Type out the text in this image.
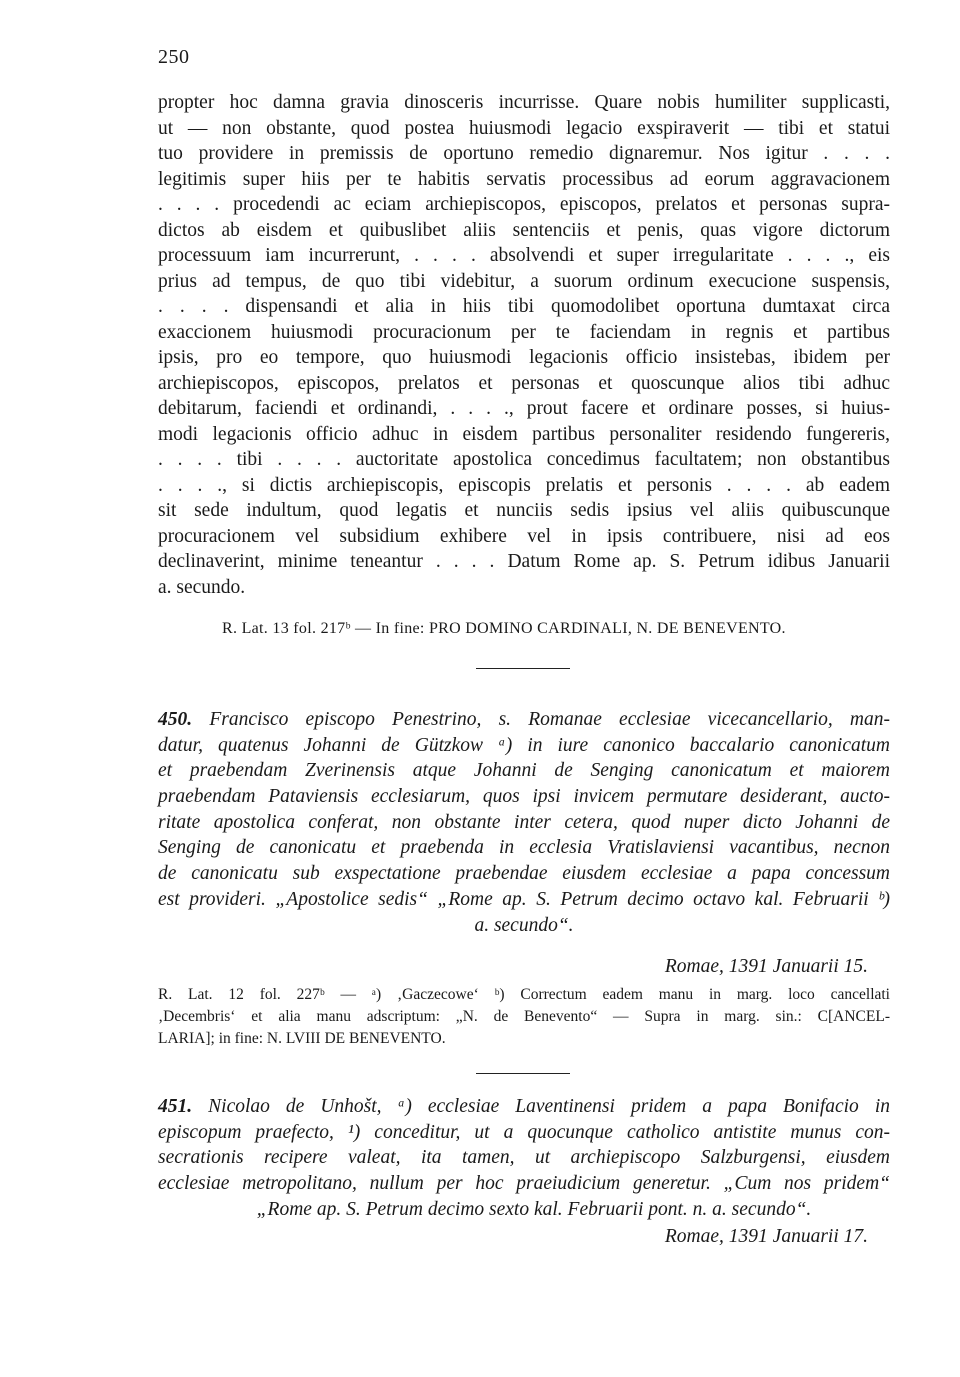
250
propter hoc damna gravia dinosceris incurrisse. Quare nobis humiliter supplicasti,
ut — non obstante, quod postea huiusmodi legacio exspiraverit — tibi et statui
tuo providere in premissis de oportuno remedio dignaremur. Nos igitur . . . .
legitimis super hiis per te habitis servatis processibus ad eorum aggravacionem
. . . . procedendi ac eciam archiepiscopos, episcopos, prelatos et personas supra-
dictos ab eisdem et quibuslibet aliis sentenciis et penis, quas vigore dictorum
processuum iam incurrerunt, . . . . absolvendi et super irregularitate . . . ., eis
prius ad tempus, de quo tibi videbitur, a suorum ordinum execucione suspensis,
. . . . dispensandi et alia in hiis tibi quomodolibet oportuna dumtaxat circa
exaccionem huiusmodi procuracionum per te faciendam in regnis et partibus
ipsis, pro eo tempore, quo huiusmodi legacionis officio insistebas, ibidem per
archiepiscopos, episcopos, prelatos et personas et quoscunque alios tibi adhuc
debitarum, faciendi et ordinandi, . . . ., prout facere et ordinare posses, si huius-
modi legacionis officio adhuc in eisdem partibus personaliter residendo fungereris,
. . . . tibi . . . . auctoritate apostolica concedimus facultatem; non obstantibus
. . . ., si dictis archiepiscopis, episcopis prelatis et personis . . . . ab eadem
sit sede indultum, quod legatis et nunciis sedis ipsius vel aliis quibuscunque
procuracionem vel subsidium exhibere vel in ipsis contribuere, nisi ad eos
declinaverint, minime teneantur . . . . Datum Rome ap. S. Petrum idibus Januarii
a. secundo.
R. Lat. 13 fol. 217ᵇ — In fine: PRO DOMINO CARDINALI, N. DE BENEVENTO.
450. Francisco episcopo Penestrino, s. Romanae ecclesiae vicecancellario, man-
datur, quatenus Johanni de Gützkow ᵃ) in iure canonico baccalario canonicatum
et praebendam Zverinensis atque Johanni de Senging canonicatum et maiorem
praebendam Pataviensis ecclesiarum, quos ipsi invicem permutare desiderant, aucto-
ritate apostolica conferat, non obstante inter cetera, quod nuper dicto Johanni de
Senging de canonicatu et praebenda in ecclesia Vratislaviensi vacantibus, necnon
de canonicatu sub exspectatione praebendae eiusdem ecclesiae a papa concessum
est provideri. „Apostolice sedis“ „Rome ap. S. Petrum decimo octavo kal. Februarii ᵇ)
a. secundo“.
Romae, 1391 Januarii 15.
R. Lat. 12 fol. 227ᵇ — ᵃ) ‚Gaczecowe‘ ᵇ) Correctum eadem manu in marg. loco cancellati
‚Decembris‘ et alia manu adscriptum: „N. de Benevento“ — Supra in marg. sin.: C[ANCEL-
LARIA]; in fine: N. LVIII DE BENEVENTO.
451. Nicolao de Unhošt, ᵃ) ecclesiae Laventinensi pridem a papa Bonifacio in
episcopum praefecto, ¹) conceditur, ut a quocunque catholico antistite munus con-
secrationis recipere valeat, ita tamen, ut archiepiscopo Salzburgensi, eiusdem
ecclesiae metropolitano, nullum per hoc praeiudicium generetur. „Cum nos pridem“
„Rome ap. S. Petrum decimo sexto kal. Februarii pont. n. a. secundo“.
Romae, 1391 Januarii 17.
